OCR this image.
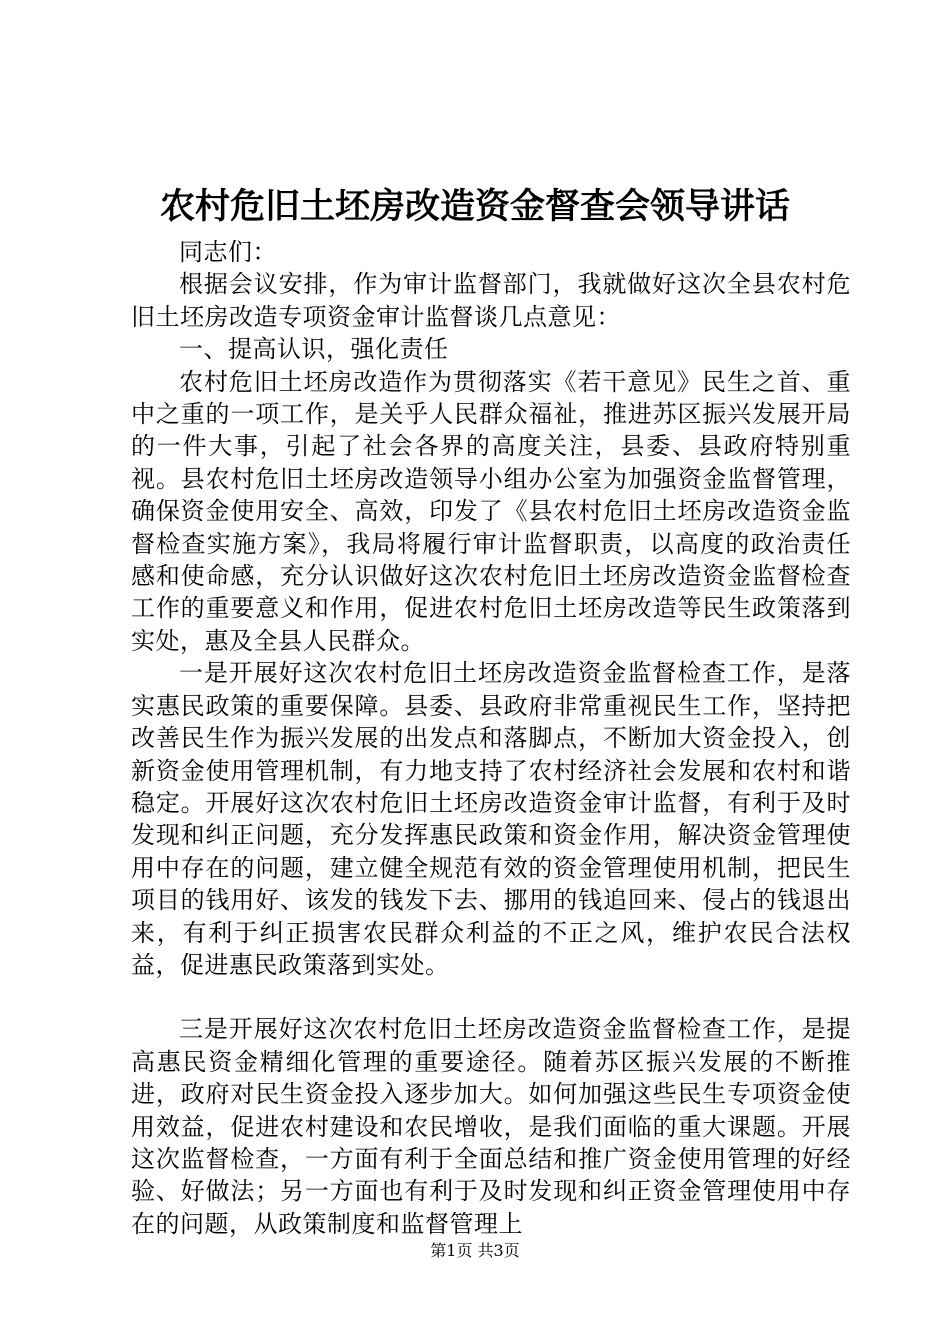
农村危旧土坯房改造资金督查会领导讲话

同志们：

根据会议安排，作为审计监督部门，我就做好这次全县农村危旧土坯房改造专项资金审计监督谈几点意见：

一、提高认识，强化责任

农村危旧土坯房改造作为贯彻落实《若干意见》民生之首、重中之重的一项工作，是关乎人民群众福祉，推进苏区振兴发展开局的一件大事，引起了社会各界的高度关注，县委、县政府特别重视。县农村危旧土坯房改造领导小组办公室为加强资金监督管理，确保资金使用安全、高效，印发了《县农村危旧土坯房改造资金监督检查实施方案》，我局将履行审计监督职责，以高度的政治责任感和使命感，充分认识做好这次农村危旧土坯房改造资金监督检查工作的重要意义和作用，促进农村危旧土坯房改造等民生政策落到实处，惠及全县人民群众。

一是开展好这次农村危旧土坯房改造资金监督检查工作，是落实惠民政策的重要保障。县委、县政府非常重视民生工作，坚持把改善民生作为振兴发展的出发点和落脚点，不断加大资金投入，创新资金使用管理机制，有力地支持了农村经济社会发展和农村和谐稳定。开展好这次农村危旧土坯房改造资金审计监督，有利于及时发现和纠正问题，充分发挥惠民政策和资金作用，解决资金管理使用中存在的问题，建立健全规范有效的资金管理使用机制，把民生项目的钱用好、该发的钱发下去、挪用的钱追回来、侵占的钱退出来，有利于纠正损害农民群众利益的不正之风，维护农民合法权益，促进惠民政策落到实处。

三是开展好这次农村危旧土坯房改造资金监督检查工作，是提高惠民资金精细化管理的重要途径。随着苏区振兴发展的不断推进，政府对民生资金投入逐步加大。如何加强这些民生专项资金使用效益，促进农村建设和农民增收，是我们面临的重大课题。开展这次监督检查，一方面有利于全面总结和推广资金使用管理的好经验、好做法；另一方面也有利于及时发现和纠正资金管理使用中存在的问题，从政策制度和监督管理上

第1页 共3页
